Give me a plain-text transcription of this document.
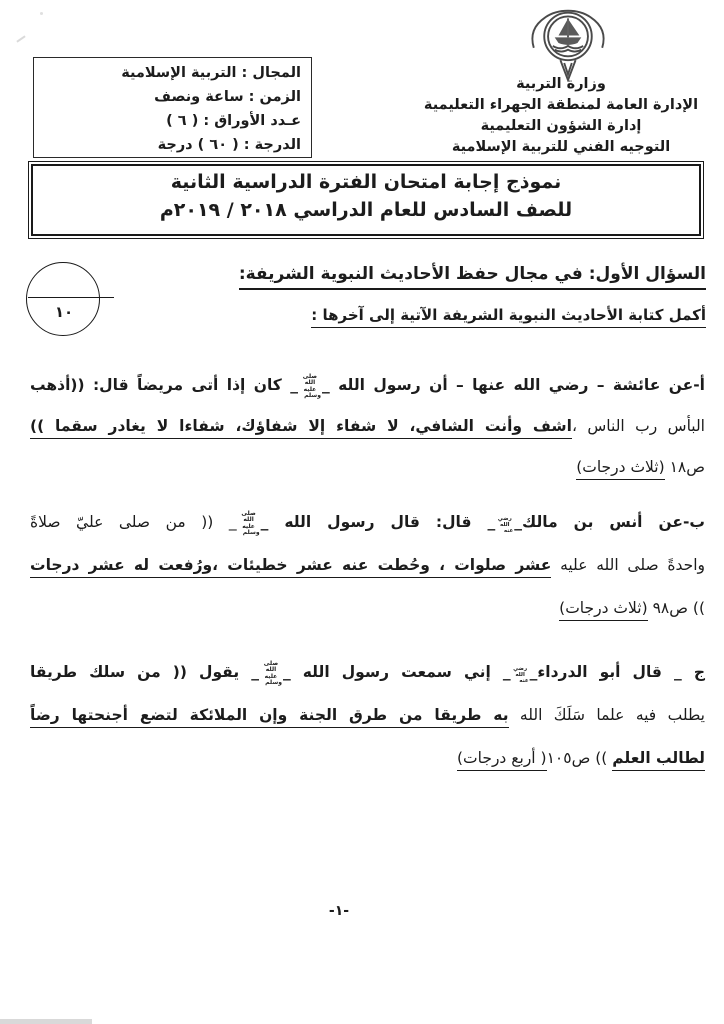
وزارة التربية
الإدارة العامة لمنطقة الجهراء التعليمية
إدارة الشؤون التعليمية
التوجيه الفني للتربية الإسلامية
المجال : التربية الإسلامية
الزمن : ساعة ونصف
عـدد الأوراق : ( ٦ )
الدرجة : ( ٦٠ ) درجة
نموذج إجابة امتحان الفترة الدراسية الثانية
للصف السادس للعام الدراسي ٢٠١٨ / ٢٠١٩م
١٠
السؤال الأول: في مجال حفظ الأحاديث النبوية الشريفة:
أكمل كتابة الأحاديث النبوية الشريفة الآتية إلى آخرها :
أ-عن عائشة – رضي الله عنها – أن رسول الله _صلى الله عليه وسلم_ كان إذا أتى مريضاً قال: ((أذهب
البأس رب الناس ،اشف وأنت الشافي، لا شفاء إلا شفاؤك، شفاءا لا يغادر سقما ))
ص١٨ (ثلاث درجات)
ب-عن أنس بن مالك_رضي الله عنه_ قال: قال رسول الله _صلى الله عليه وسلم_ (( من صلى عليّ صلاةً
واحدةً صلى الله عليه عشر صلوات ، وحُطت عنه عشر خطيئات ،ورُفعت له عشر درجات
)) ص٩٨ (ثلاث درجات)
ج _ قال أبو الدرداء_رضي الله عنه_ إني سمعت رسول الله _صلى الله عليه وسلم_ يقول (( من سلك طريقا
يطلب فيه علما سَلَكَ الله به طريقا من طرق الجنة وإن الملائكة لتضع أجنحتها رضاً
لطالب العلم )) ص١٠٥( أربع درجات)
-١-
